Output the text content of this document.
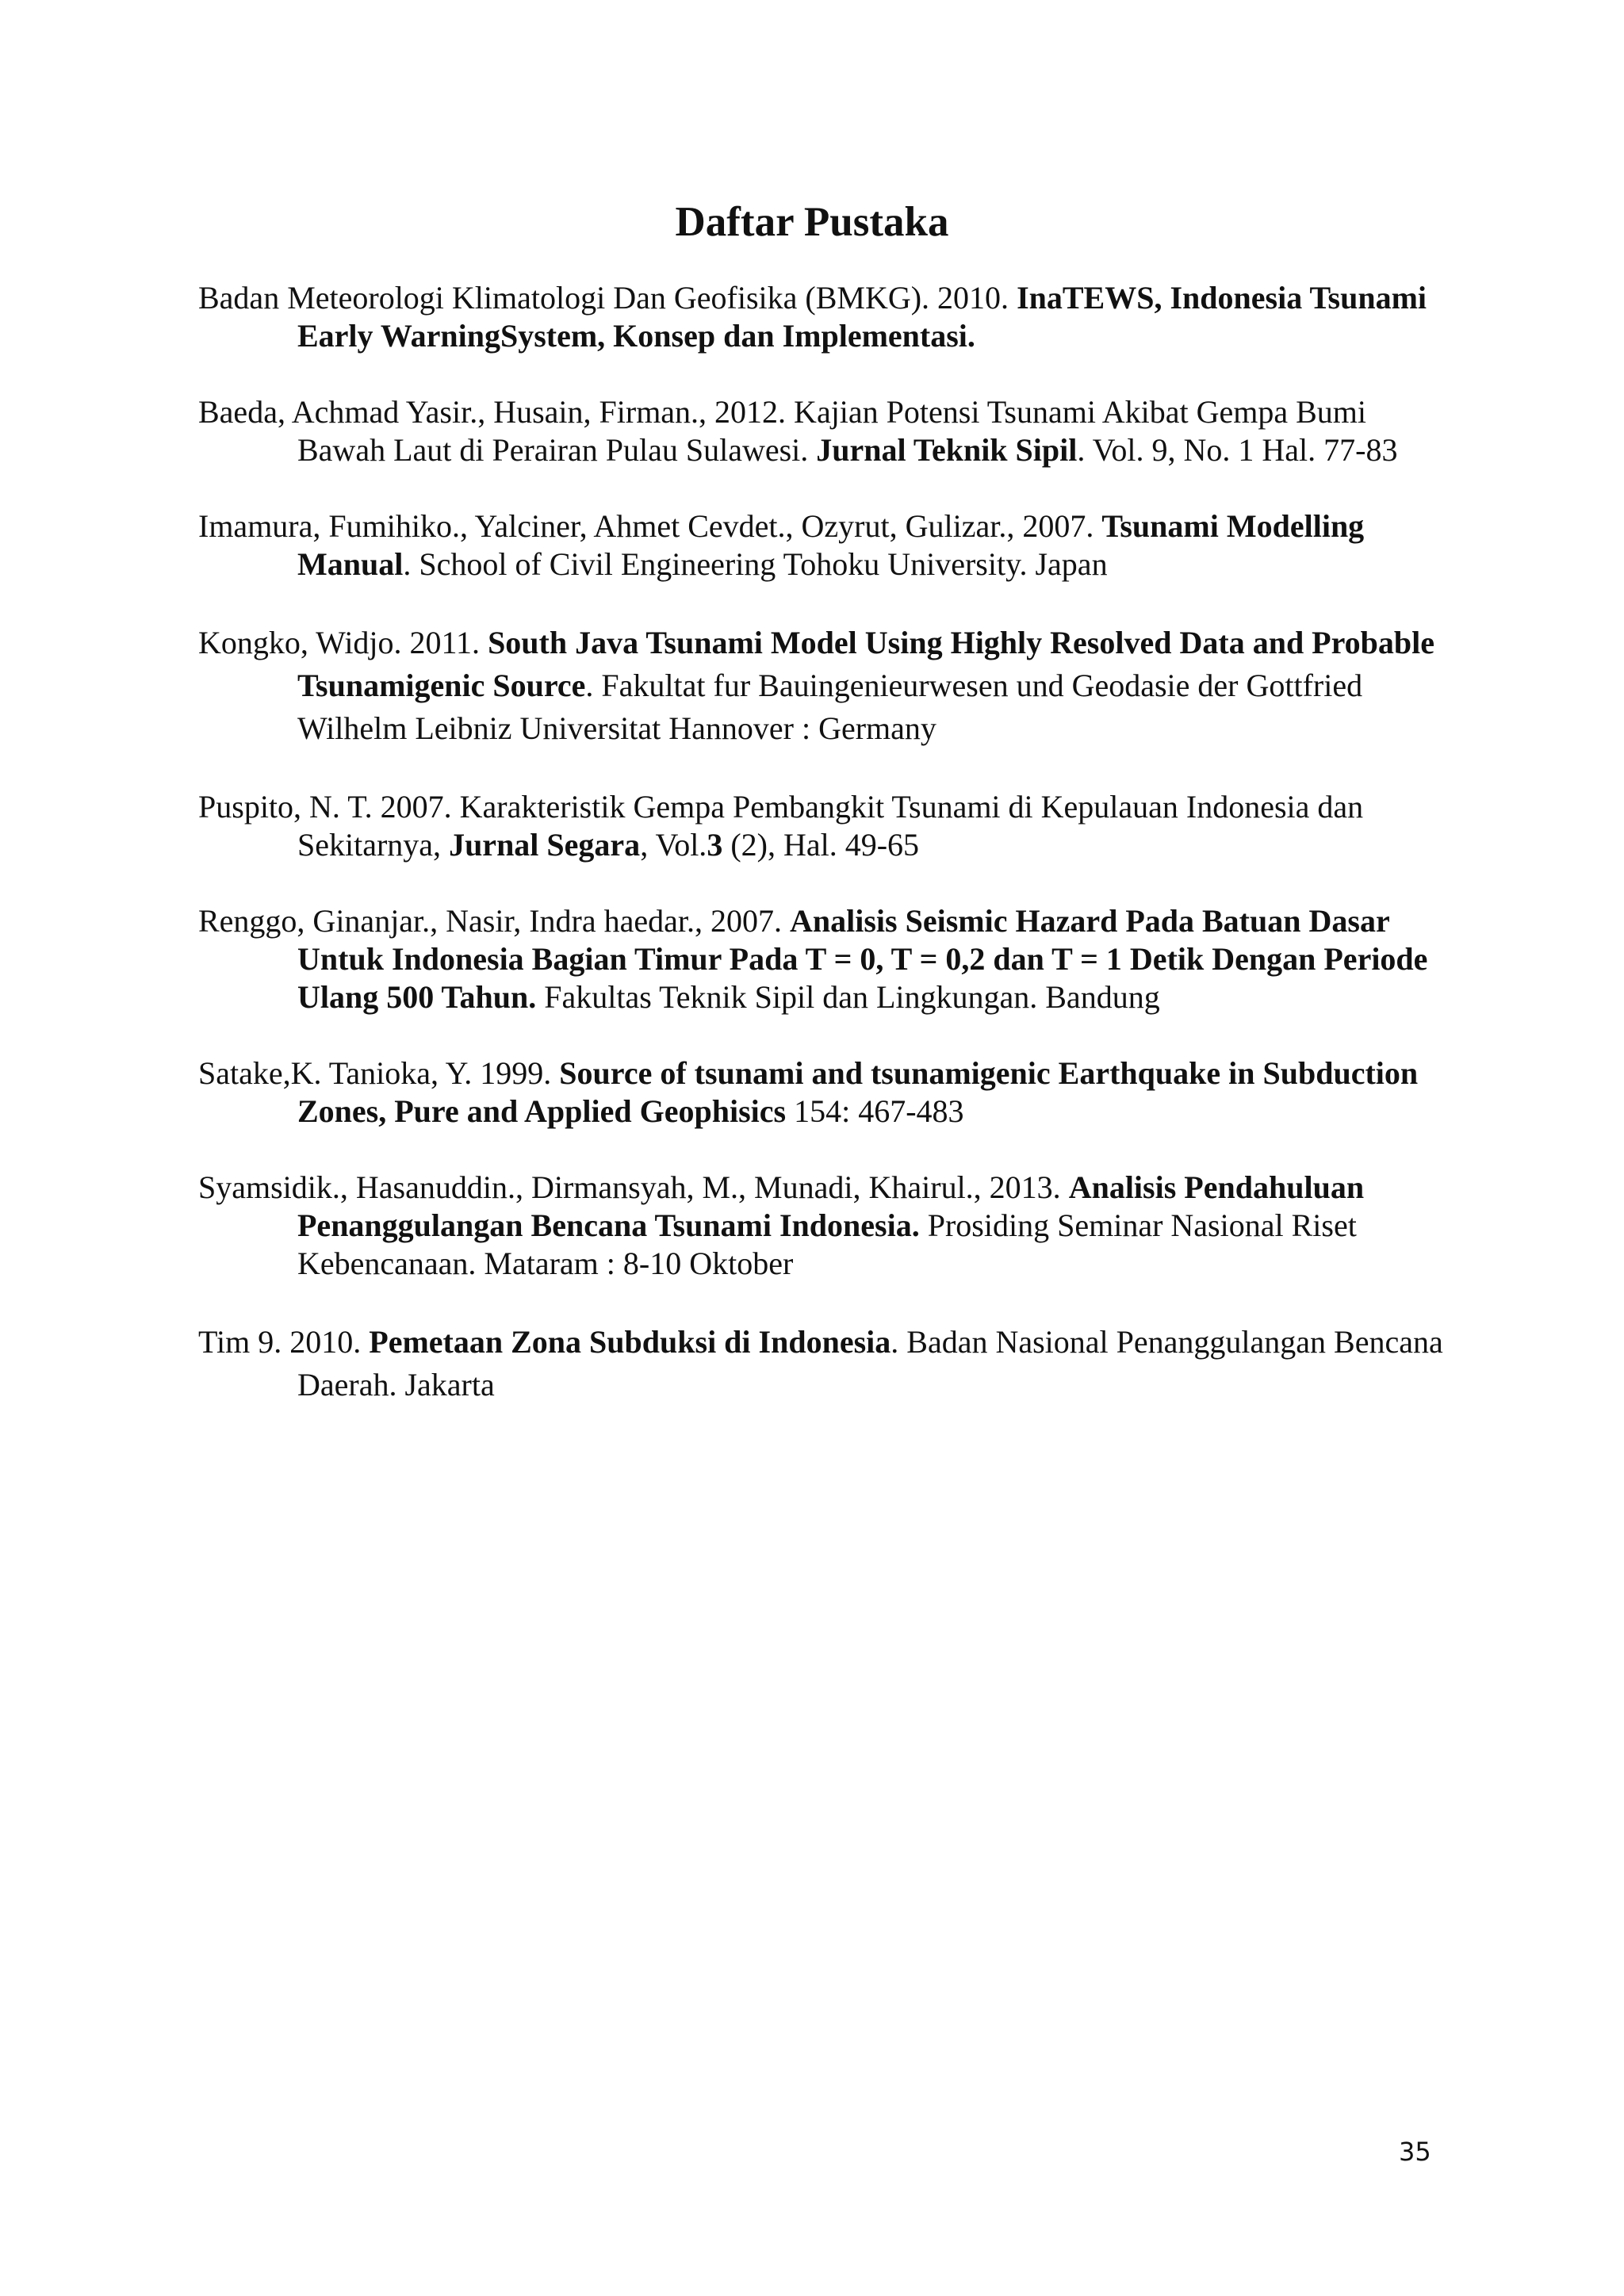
Daftar Pustaka
Badan Meteorologi Klimatologi Dan Geofisika (BMKG). 2010. InaTEWS, Indonesia Tsunami Early WarningSystem, Konsep dan Implementasi.
Baeda, Achmad Yasir., Husain, Firman., 2012. Kajian Potensi Tsunami Akibat Gempa Bumi Bawah Laut di Perairan Pulau Sulawesi. Jurnal Teknik Sipil. Vol. 9, No. 1 Hal. 77-83
Imamura, Fumihiko., Yalciner, Ahmet Cevdet., Ozyrut, Gulizar., 2007. Tsunami Modelling Manual. School of Civil Engineering Tohoku University. Japan
Kongko, Widjo. 2011. South Java Tsunami Model Using Highly Resolved Data and Probable Tsunamigenic Source. Fakultat fur Bauingenieurwesen und Geodasie der Gottfried Wilhelm Leibniz Universitat Hannover : Germany
Puspito, N. T. 2007. Karakteristik Gempa Pembangkit Tsunami di Kepulauan Indonesia dan Sekitarnya, Jurnal Segara, Vol.3 (2), Hal. 49-65
Renggo, Ginanjar., Nasir, Indra haedar., 2007. Analisis Seismic Hazard Pada Batuan Dasar Untuk Indonesia Bagian Timur Pada T = 0, T = 0,2 dan T = 1 Detik Dengan Periode Ulang 500 Tahun. Fakultas Teknik Sipil dan Lingkungan. Bandung
Satake,K. Tanioka, Y. 1999. Source of tsunami and tsunamigenic Earthquake in Subduction Zones, Pure and Applied Geophisics 154: 467-483
Syamsidik., Hasanuddin., Dirmansyah, M., Munadi, Khairul., 2013. Analisis Pendahuluan Penanggulangan Bencana Tsunami Indonesia. Prosiding Seminar Nasional Riset Kebencanaan. Mataram : 8-10 Oktober
Tim 9. 2010. Pemetaan Zona Subduksi di Indonesia. Badan Nasional Penanggulangan Bencana Daerah. Jakarta

35
